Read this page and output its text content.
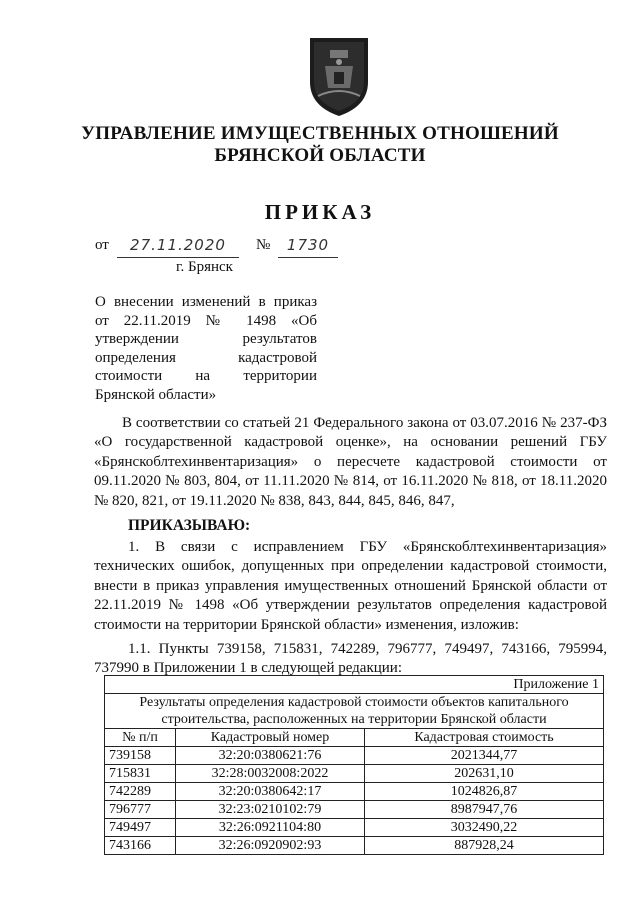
УПРАВЛЕНИЕ ИМУЩЕСТВЕННЫХ ОТНОШЕНИЙ
БРЯНСКОЙ ОБЛАСТИ
ПРИКАЗ
от	27.11.2020	№	1730
г. Брянск
О внесении изменений в приказ от 22.11.2019 № 1498 «Об утверждении результатов определения кадастровой стоимости на территории Брянской области»
В соответствии со статьей 21 Федерального закона от 03.07.2016 № 237-ФЗ «О государственной кадастровой оценке», на основании решений ГБУ «Брянскоблтехинвентаризация» о пересчете кадастровой стоимости от 09.11.2020 № 803, 804, от 11.11.2020 № 814, от 16.11.2020 № 818, от 18.11.2020 № 820, 821, от 19.11.2020 № 838, 843, 844, 845, 846, 847,
ПРИКАЗЫВАЮ:
1. В связи с исправлением ГБУ «Брянскоблтехинвентаризация» технических ошибок, допущенных при определении кадастровой стоимости, внести в приказ управления имущественных отношений Брянской области от 22.11.2019 № 1498 «Об утверждении результатов определения кадастровой стоимости на территории Брянской области» изменения, изложив:
1.1. Пункты 739158, 715831, 742289, 796777, 749497, 743166, 795994, 737990 в Приложении 1 в следующей редакции:
Приложение 1		
Результаты определения кадастровой стоимости объектов капитального строительства, расположенных на территории Брянской области		
№ п/п	Кадастровый номер	Кадастровая стоимость
739158	32:20:0380621:76	2021344,77
715831	32:28:0032008:2022	202631,10
742289	32:20:0380642:17	1024826,87
796777	32:23:0210102:79	8987947,76
749497	32:26:0921104:80	3032490,22
743166	32:26:0920902:93	887928,24
